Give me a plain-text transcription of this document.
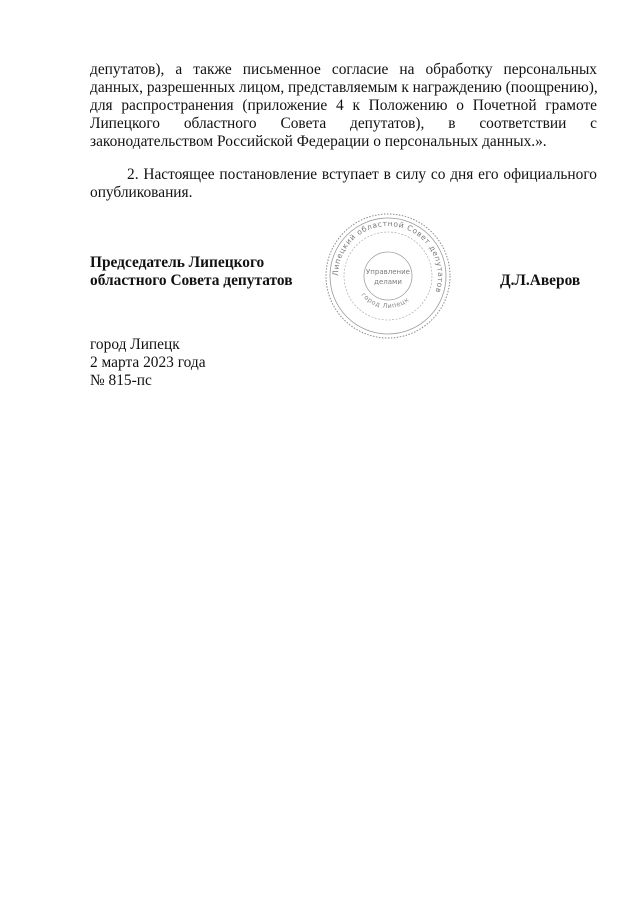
депутатов), а также письменное согласие на обработку персональных
данных, разрешенных лицом, представляемым к награждению (поощрению),
для распространения (приложение 4 к Положению о Почетной грамоте
Липецкого областного Совета депутатов), в соответствии с
законодательством Российской Федерации о персональных данных.».
2. Настоящее постановление вступает в силу со дня его официального
опубликования.
Председатель Липецкого
областного Совета депутатов	Липецкий областной Совет депутатов
город Липецк
Управление
делами	Д.Л.Аверов
город Липецк
2 марта 2023 года
№ 815-пс
